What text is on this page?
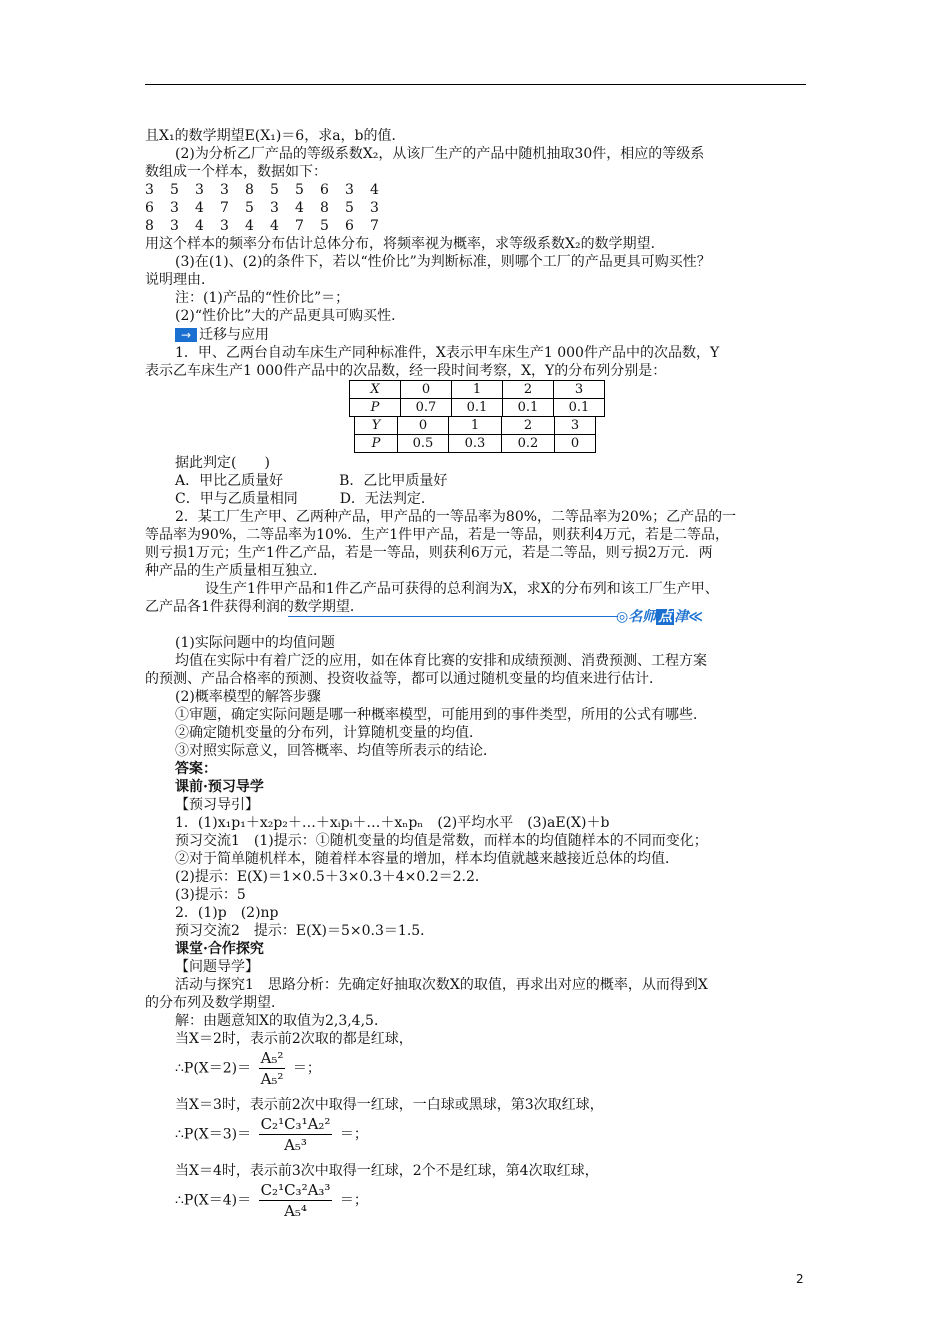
且X₁的数学期望E(X₁)＝6，求a，b的值．
(2)为分析乙厂产品的等级系数X₂，从该厂生产的产品中随机抽取30件，相应的等级系
数组成一个样本，数据如下：
3 5 3 3 8 5 5 6 3 4
6 3 4 7 5 3 4 8 5 3
8 3 4 3 4 4 7 5 6 7
用这个样本的频率分布估计总体分布，将频率视为概率，求等级系数X₂的数学期望．
(3)在(1)、(2)的条件下，若以“性价比”为判断标准，则哪个工厂的产品更具可购买性？
说明理由．
注：(1)产品的“性价比”＝；
(2)“性价比”大的产品更具可购买性．
→ 迁移与应用
1．甲、乙两台自动车床生产同种标准件，X表示甲车床生产1 000件产品中的次品数，Y
表示乙车床生产1 000件产品中的次品数，经一段时间考察，X，Y的分布列分别是：
X	0	1	2	3
P	0.7	0.1	0.1	0.1
Y	0	1	2	3
P	0.5	0.3	0.2	0
据此判定(　　)
A．甲比乙质量好　　　　B．乙比甲质量好
C．甲与乙质量相同　　　D．无法判定．
2．某工厂生产甲、乙两种产品，甲产品的一等品率为80%，二等品率为20%；乙产品的一
等品率为90%，二等品率为10%．生产1件甲产品，若是一等品，则获利4万元，若是二等品，
则亏损1万元；生产1件乙产品，若是一等品，则获利6万元，若是二等品，则亏损2万元．两
种产品的生产质量相互独立．
设生产1件甲产品和1件乙产品可获得的总利润为X，求X的分布列和该工厂生产甲、
乙产品各1件获得利润的数学期望．
◎名师 点 津≪
(1)实际问题中的均值问题
均值在实际中有着广泛的应用，如在体育比赛的安排和成绩预测、消费预测、工程方案
的预测、产品合格率的预测、投资收益等，都可以通过随机变量的均值来进行估计．
(2)概率模型的解答步骤
①审题，确定实际问题是哪一种概率模型，可能用到的事件类型，所用的公式有哪些．
②确定随机变量的分布列，计算随机变量的均值．
③对照实际意义，回答概率、均值等所表示的结论．
答案：
课前·预习导学
【预习导引】
1．(1)x₁p₁＋x₂p₂＋…＋xᵢpᵢ＋…＋xₙpₙ　(2)平均水平　(3)aE(X)＋b
预习交流1　(1)提示：①随机变量的均值是常数，而样本的均值随样本的不同而变化；
②对于简单随机样本，随着样本容量的增加，样本均值就越来越接近总体的均值．
(2)提示：E(X)＝1×0.5＋3×0.3＋4×0.2＝2.2．
(3)提示：5
2．(1)p　(2)np
预习交流2　提示：E(X)＝5×0.3＝1.5．
课堂·合作探究
【问题导学】
活动与探究1　思路分析：先确定好抽取次数X的取值，再求出对应的概率，从而得到X
的分布列及数学期望．
解：由题意知X的取值为2,3,4,5．
当X＝2时，表示前2次取的都是红球，
∴P(X＝2)＝ $\frac{\text{A₅²}}{\text{A₅²}}$ ＝；
当X＝3时，表示前2次中取得一红球，一白球或黑球，第3次取红球，
∴P(X＝3)＝ $\frac{\text{C₂¹C₃¹A₂²}}{\text{A₅³}}$ ＝；
当X＝4时，表示前3次中取得一红球，2个不是红球，第4次取红球，
∴P(X＝4)＝ $\frac{\text{C₂¹C₃²A₃³}}{\text{A₅⁴}}$ ＝；
2
